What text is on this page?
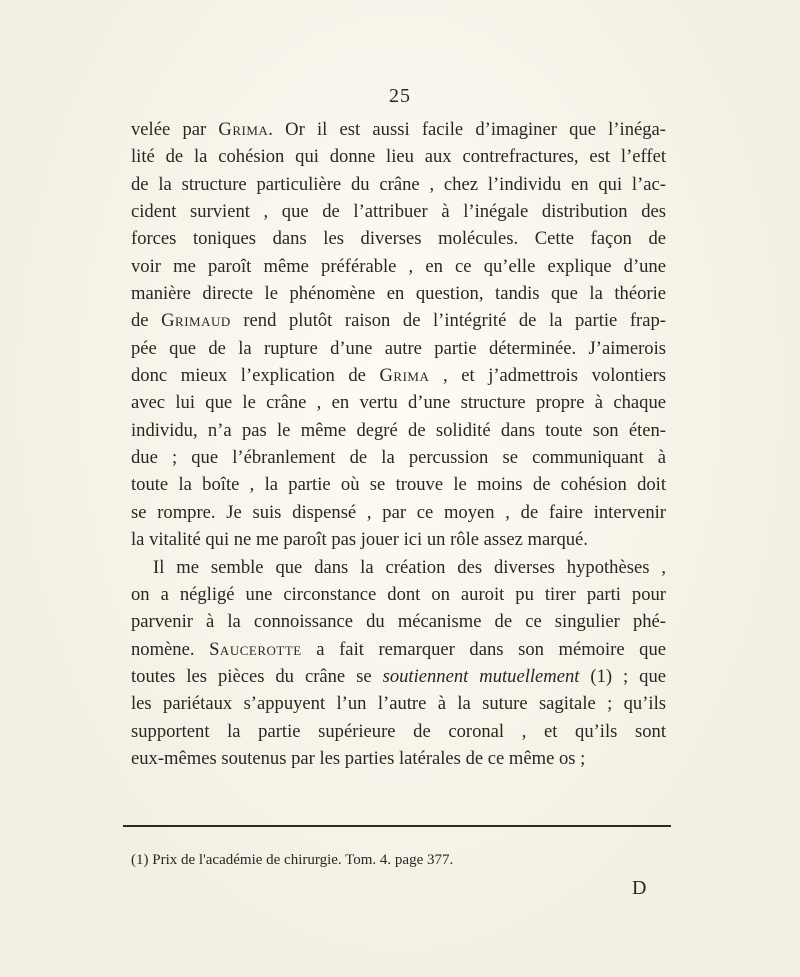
25
velée par Grima. Or il est aussi facile d’imaginer que l’inéga-
lité de la cohésion qui donne lieu aux contrefractures, est l’effet
de la structure particulière du crâne , chez l’individu en qui l’ac-
cident survient , que de l’attribuer à l’inégale distribution des
forces toniques dans les diverses molécules. Cette façon de
voir me paroît même préférable , en ce qu’elle explique d’une
manière directe le phénomène en question, tandis que la théorie
de Grimaud rend plutôt raison de l’intégrité de la partie frap-
pée que de la rupture d’une autre partie déterminée. J’aimerois
donc mieux l’explication de Grima , et j’admettrois volontiers
avec lui que le crâne , en vertu d’une structure propre à chaque
individu, n’a pas le même degré de solidité dans toute son éten-
due ; que l’ébranlement de la percussion se communiquant à
toute la boîte , la partie où se trouve le moins de cohésion doit
se rompre. Je suis dispensé , par ce moyen , de faire intervenir
la vitalité qui ne me paroît pas jouer ici un rôle assez marqué.
Il me semble que dans la création des diverses hypothèses ,
on a négligé une circonstance dont on auroit pu tirer parti pour
parvenir à la connoissance du mécanisme de ce singulier phé-
nomène. Saucerotte a fait remarquer dans son mémoire que
toutes les pièces du crâne se soutiennent mutuellement (1) ; que
les pariétaux s’appuyent l’un l’autre à la suture sagitale ; qu’ils
supportent la partie supérieure de coronal , et qu’ils sont
eux-mêmes soutenus par les parties latérales de ce même os ;
(1) Prix de l'académie de chirurgie. Tom. 4. page 377.
D
